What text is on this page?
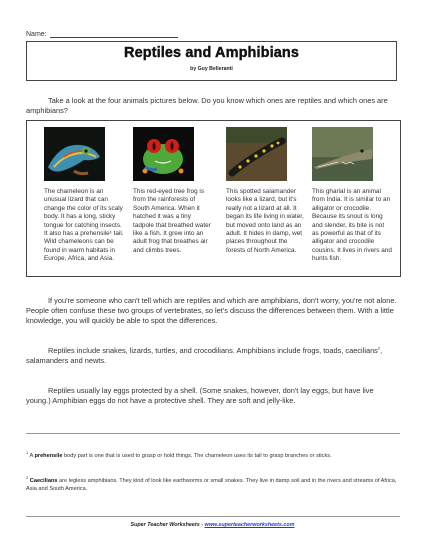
Name:
Reptiles and Amphibians
by Guy Belleranti

Take a look at the four animals pictures below. Do you know which ones are reptiles and which ones are amphibians?

The chameleon is an unusual lizard that can change the color of its scaly body. It has a long, sticky tongue for catching insects. It also has a prehensile¹ tail. Wild chameleons can be found in warm habitats in Europe, Africa, and Asia.
This red-eyed tree frog is from the rainforests of South America. When it hatched it was a tiny tadpole that breathed water like a fish. It grew into an adult frog that breathes air and climbs trees.
This spotted salamander looks like a lizard, but it's really not a lizard at all. It began its life living in water, but moved onto land as an adult. It hides in damp, wet places throughout the forests of North America.
This gharial is an animal from India. It is similar to an alligator or crocodile. Because its snout is long and slender, its bite is not as powerful as that of its alligator and crocodile cousins. It lives in rivers and hunts fish.

If you're someone who can't tell which are reptiles and which are amphibians, don't worry, you're not alone. People often confuse these two groups of vertebrates, so let's discuss the differences between them. With a little knowledge, you will quickly be able to spot the differences.

Reptiles include snakes, lizards, turtles, and crocodilians. Amphibians include frogs, toads, caecilians$^2$, salamanders and newts.

Reptiles usually lay eggs protected by a shell. (Some snakes, however, don't lay eggs, but have live young.) Amphibian eggs do not have a protective shell. They are soft and jelly-like.

$^1$ A prehensile body part is one that is used to grasp or hold things. The chameleon uses its tail to grasp branches or sticks.

$^2$ Caecilians are legless amphibians. They kind of look like earthworms or small snakes. They live in damp soil and in the rivers and streams of Africa, Asia and South America.

Super Teacher Worksheets - www.superteacherworksheets.com
